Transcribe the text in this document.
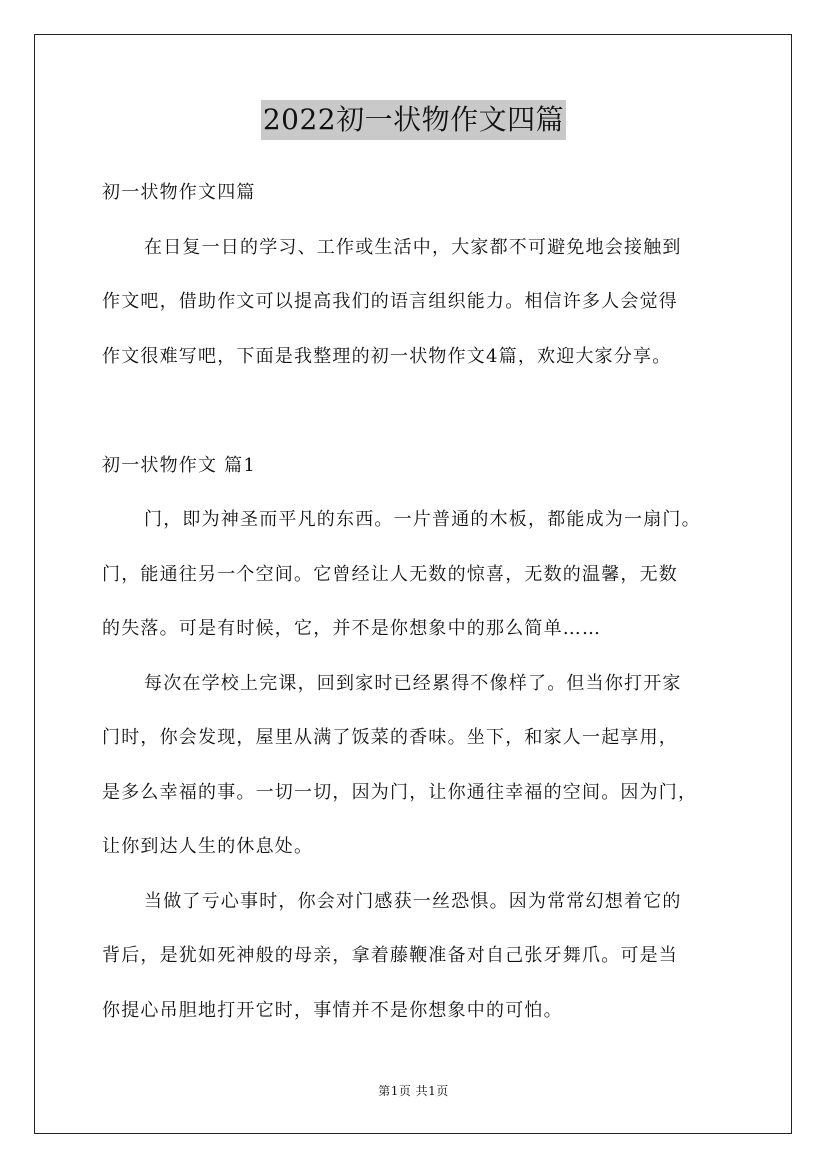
2022初一状物作文四篇
初一状物作文四篇
在日复一日的学习、工作或生活中，大家都不可避免地会接触到
作文吧，借助作文可以提高我们的语言组织能力。相信许多人会觉得
作文很难写吧，下面是我整理的初一状物作文4篇，欢迎大家分享。
初一状物作文 篇1
门，即为神圣而平凡的东西。一片普通的木板，都能成为一扇门。
门，能通往另一个空间。它曾经让人无数的惊喜，无数的温馨，无数
的失落。可是有时候，它，并不是你想象中的那么简单……
每次在学校上完课，回到家时已经累得不像样了。但当你打开家
门时，你会发现，屋里从满了饭菜的香味。坐下，和家人一起享用，
是多么幸福的事。一切一切，因为门，让你通往幸福的空间。因为门，
让你到达人生的休息处。
当做了亏心事时，你会对门感获一丝恐惧。因为常常幻想着它的
背后，是犹如死神般的母亲，拿着藤鞭准备对自己张牙舞爪。可是当
你提心吊胆地打开它时，事情并不是你想象中的可怕。
第1页 共1页
